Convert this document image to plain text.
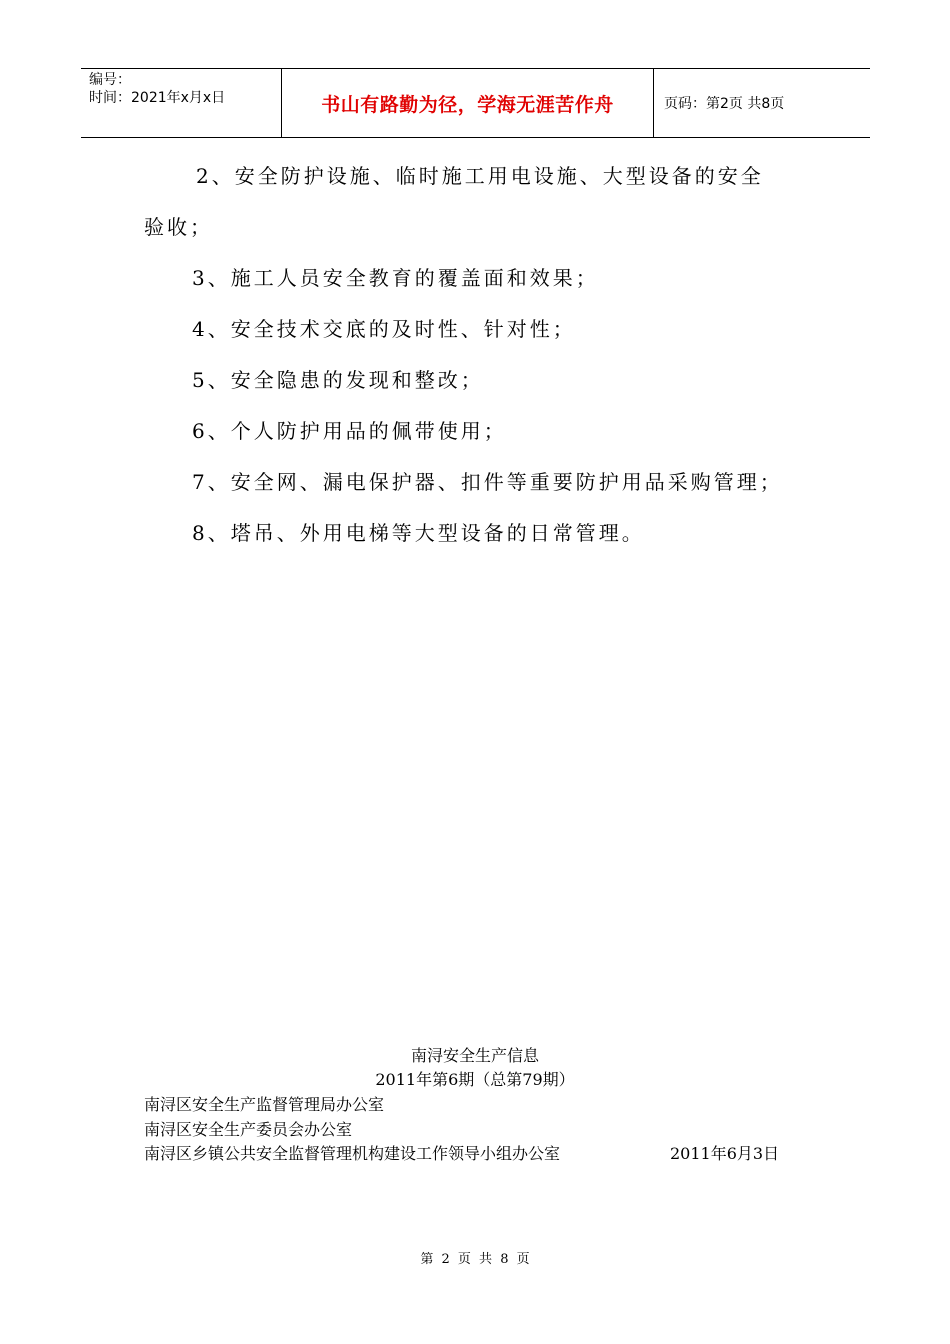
编号：
时间：2021年x月x日	书山有路勤为径，学海无涯苦作舟	页码：第2页 共8页
2、安全防护设施、临时施工用电设施、大型设备的安全
验收；
3、施工人员安全教育的覆盖面和效果；
4、安全技术交底的及时性、针对性；
5、安全隐患的发现和整改；
6、个人防护用品的佩带使用；
7、安全网、漏电保护器、扣件等重要防护用品采购管理；
8、塔吊、外用电梯等大型设备的日常管理。
南浔安全生产信息
2011年第6期（总第79期）
南浔区安全生产监督管理局办公室
南浔区安全生产委员会办公室
南浔区乡镇公共安全监督管理机构建设工作领导小组办公室	2011年6月3日
第 2 页 共 8 页
